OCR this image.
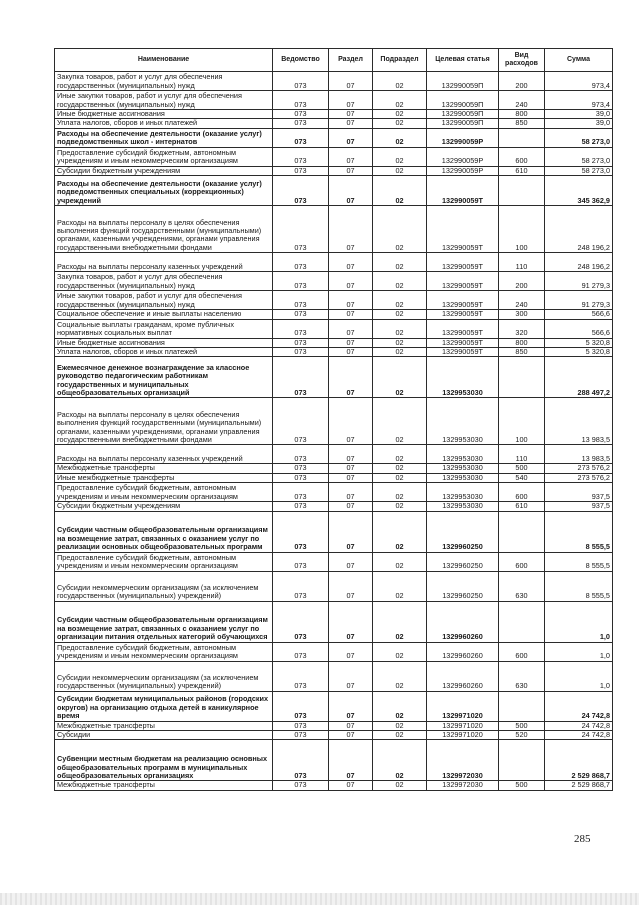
Наименование	Ведомство	Раздел	Подраздел	Целевая статья	Вид расходов	Сумма
Закупка товаров, работ и услуг для обеспечения государственных (муниципальных) нужд	073	07	02	132990059П	200	973,4
Иные закупки товаров, работ и услуг для обеспечения государственных (муниципальных) нужд	073	07	02	132990059П	240	973,4
Иные бюджетные ассигнования	073	07	02	132990059П	800	39,0
Уплата налогов, сборов и иных платежей	073	07	02	132990059П	850	39,0
Расходы на обеспечение деятельности (оказание услуг) подведомственных школ - интернатов	073	07	02	132990059Р		58 273,0
Предоставление субсидий бюджетным, автономным учреждениям и иным некоммерческим организациям	073	07	02	132990059Р	600	58 273,0
Субсидии бюджетным учреждениям	073	07	02	132990059Р	610	58 273,0
Расходы на обеспечение деятельности (оказание услуг) подведомственных специальных (коррекционных) учреждений	073	07	02	132990059Т		345 362,9
Расходы на выплаты персоналу в целях обеспечения выполнения функций государственными (муниципальными) органами, казенными учреждениями, органами управления государственными внебюджетными фондами	073	07	02	132990059Т	100	248 196,2
Расходы на выплаты персоналу казенных учреждений	073	07	02	132990059Т	110	248 196,2
Закупка товаров, работ и услуг для обеспечения государственных (муниципальных) нужд	073	07	02	132990059Т	200	91 279,3
Иные закупки товаров, работ и услуг для обеспечения государственных (муниципальных) нужд	073	07	02	132990059Т	240	91 279,3
Социальное обеспечение и иные выплаты населению	073	07	02	132990059Т	300	566,6
Социальные выплаты гражданам, кроме публичных нормативных социальных выплат	073	07	02	132990059Т	320	566,6
Иные бюджетные ассигнования	073	07	02	132990059Т	800	5 320,8
Уплата налогов, сборов и иных платежей	073	07	02	132990059Т	850	5 320,8
Ежемесячное денежное вознаграждение за классное руководство педагогическим работникам государственных и муниципальных общеобразовательных организаций	073	07	02	1329953030		288 497,2
Расходы на выплаты персоналу в целях обеспечения выполнения функций государственными (муниципальными) органами, казенными учреждениями, органами управления государственными внебюджетными фондами	073	07	02	1329953030	100	13 983,5
Расходы на выплаты персоналу казенных учреждений	073	07	02	1329953030	110	13 983,5
Межбюджетные трансферты	073	07	02	1329953030	500	273 576,2
Иные межбюджетные трансферты	073	07	02	1329953030	540	273 576,2
Предоставление субсидий бюджетным, автономным учреждениям и иным некоммерческим организациям	073	07	02	1329953030	600	937,5
Субсидии бюджетным учреждениям	073	07	02	1329953030	610	937,5
Субсидии частным общеобразовательным организациям на возмещение затрат, связанных с оказанием услуг по реализации основных общеобразовательных программ	073	07	02	1329960250		8 555,5
Предоставление субсидий бюджетным, автономным учреждениям и иным некоммерческим организациям	073	07	02	1329960250	600	8 555,5
Субсидии некоммерческим организациям (за исключением государственных (муниципальных) учреждений)	073	07	02	1329960250	630	8 555,5
Субсидии частным общеобразовательным организациям на возмещение затрат, связанных с оказанием услуг по организации питания отдельных категорий обучающихся	073	07	02	1329960260		1,0
Предоставление субсидий бюджетным, автономным учреждениям и иным некоммерческим организациям	073	07	02	1329960260	600	1,0
Субсидии некоммерческим организациям (за исключением государственных (муниципальных) учреждений)	073	07	02	1329960260	630	1,0
Субсидии бюджетам муниципальных районов (городских округов) на организацию отдыха детей в каникулярное время	073	07	02	1329971020		24 742,8
Межбюджетные трансферты	073	07	02	1329971020	500	24 742,8
Субсидии	073	07	02	1329971020	520	24 742,8
Субвенции местным бюджетам на реализацию основных общеобразовательных программ в муниципальных общеобразовательных организациях	073	07	02	1329972030		2 529 868,7
Межбюджетные трансферты	073	07	02	1329972030	500	2 529 868,7
285
